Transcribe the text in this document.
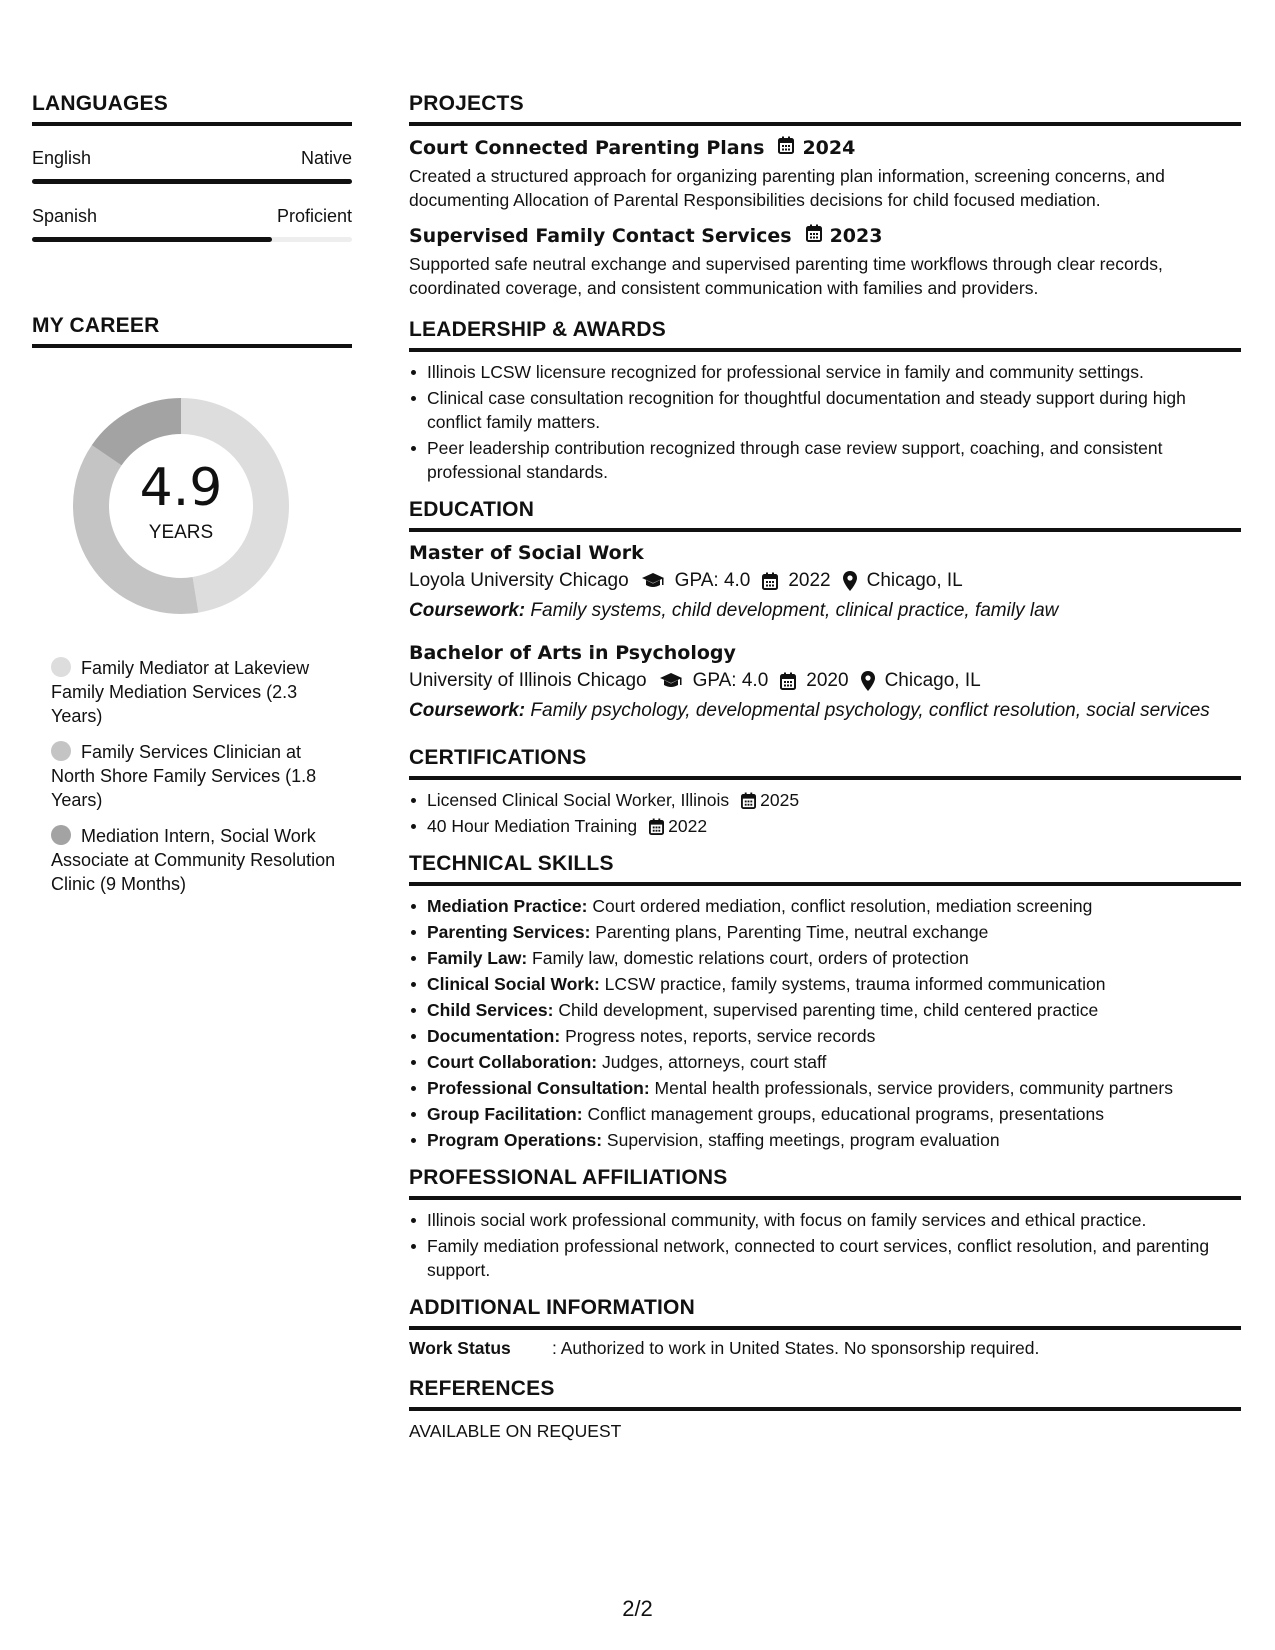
LANGUAGES
English	Native
Spanish	Proficient
MY CAREER
4.9
YEARS
Family Mediator at Lakeview Family Mediation Services (2.3 Years)
Family Services Clinician at North Shore Family Services (1.8 Years)
Mediation Intern, Social Work Associate at Community Resolution Clinic (9 Months)
PROJECTS
Court Connected Parenting Plans 2024
Created a structured approach for organizing parenting plan information, screening concerns, and documenting Allocation of Parental Responsibilities decisions for child focused mediation.
Supervised Family Contact Services 2023
Supported safe neutral exchange and supervised parenting time workflows through clear records, coordinated coverage, and consistent communication with families and providers.
LEADERSHIP & AWARDS
Illinois LCSW licensure recognized for professional service in family and community settings.
Clinical case consultation recognition for thoughtful documentation and steady support during high conflict family matters.
Peer leadership contribution recognized through case review support, coaching, and consistent professional standards.
EDUCATION
Master of Social Work
Loyola University Chicago GPA: 4.0 2022 Chicago, IL
Coursework: Family systems, child development, clinical practice, family law
Bachelor of Arts in Psychology
University of Illinois Chicago GPA: 4.0 2020 Chicago, IL
Coursework: Family psychology, developmental psychology, conflict resolution, social services
CERTIFICATIONS
Licensed Clinical Social Worker, Illinois 2025
40 Hour Mediation Training 2022
TECHNICAL SKILLS
Mediation Practice: Court ordered mediation, conflict resolution, mediation screening
Parenting Services: Parenting plans, Parenting Time, neutral exchange
Family Law: Family law, domestic relations court, orders of protection
Clinical Social Work: LCSW practice, family systems, trauma informed communication
Child Services: Child development, supervised parenting time, child centered practice
Documentation: Progress notes, reports, service records
Court Collaboration: Judges, attorneys, court staff
Professional Consultation: Mental health professionals, service providers, community partners
Group Facilitation: Conflict management groups, educational programs, presentations
Program Operations: Supervision, staffing meetings, program evaluation
PROFESSIONAL AFFILIATIONS
Illinois social work professional community, with focus on family services and ethical practice.
Family mediation professional network, connected to court services, conflict resolution, and parenting support.
ADDITIONAL INFORMATION
Work Status	: Authorized to work in United States. No sponsorship required.
REFERENCES
AVAILABLE ON REQUEST
2/2
